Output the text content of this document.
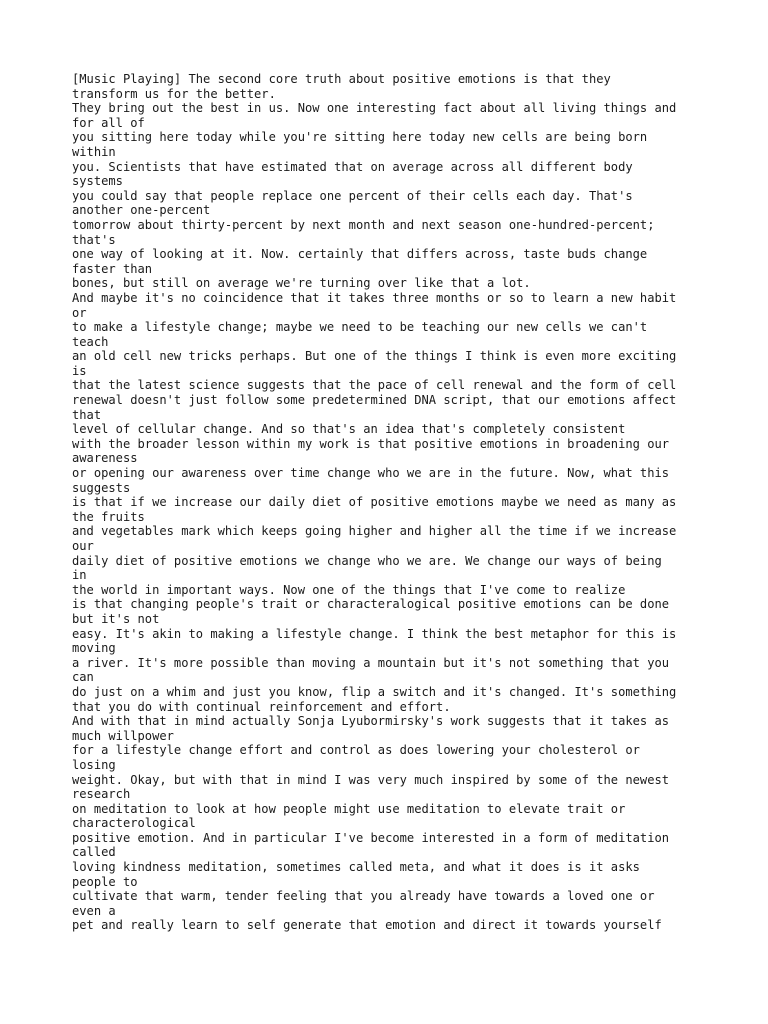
[Music Playing] The second core truth about positive emotions is that they
transform us for the better.
They bring out the best in us. Now one interesting fact about all living things and
for all of
you sitting here today while you're sitting here today new cells are being born
within
you. Scientists that have estimated that on average across all different body
systems
you could say that people replace one percent of their cells each day. That's
another one-percent
tomorrow about thirty-percent by next month and next season one-hundred-percent;
that's
one way of looking at it. Now. certainly that differs across, taste buds change
faster than
bones, but still on average we're turning over like that a lot.
And maybe it's no coincidence that it takes three months or so to learn a new habit
or
to make a lifestyle change; maybe we need to be teaching our new cells we can't
teach
an old cell new tricks perhaps. But one of the things I think is even more exciting
is
that the latest science suggests that the pace of cell renewal and the form of cell
renewal doesn't just follow some predetermined DNA script, that our emotions affect
that
level of cellular change. And so that's an idea that's completely consistent
with the broader lesson within my work is that positive emotions in broadening our
awareness
or opening our awareness over time change who we are in the future. Now, what this
suggests
is that if we increase our daily diet of positive emotions maybe we need as many as
the fruits
and vegetables mark which keeps going higher and higher all the time if we increase
our
daily diet of positive emotions we change who we are. We change our ways of being
in
the world in important ways. Now one of the things that I've come to realize
is that changing people's trait or characteralogical positive emotions can be done
but it's not
easy. It's akin to making a lifestyle change. I think the best metaphor for this is
moving
a river. It's more possible than moving a mountain but it's not something that you
can
do just on a whim and just you know, flip a switch and it's changed. It's something
that you do with continual reinforcement and effort.
And with that in mind actually Sonja Lyubormirsky's work suggests that it takes as
much willpower
for a lifestyle change effort and control as does lowering your cholesterol or
losing
weight. Okay, but with that in mind I was very much inspired by some of the newest
research
on meditation to look at how people might use meditation to elevate trait or
characterological
positive emotion. And in particular I've become interested in a form of meditation
called
loving kindness meditation, sometimes called meta, and what it does is it asks
people to
cultivate that warm, tender feeling that you already have towards a loved one or
even a
pet and really learn to self generate that emotion and direct it towards yourself
